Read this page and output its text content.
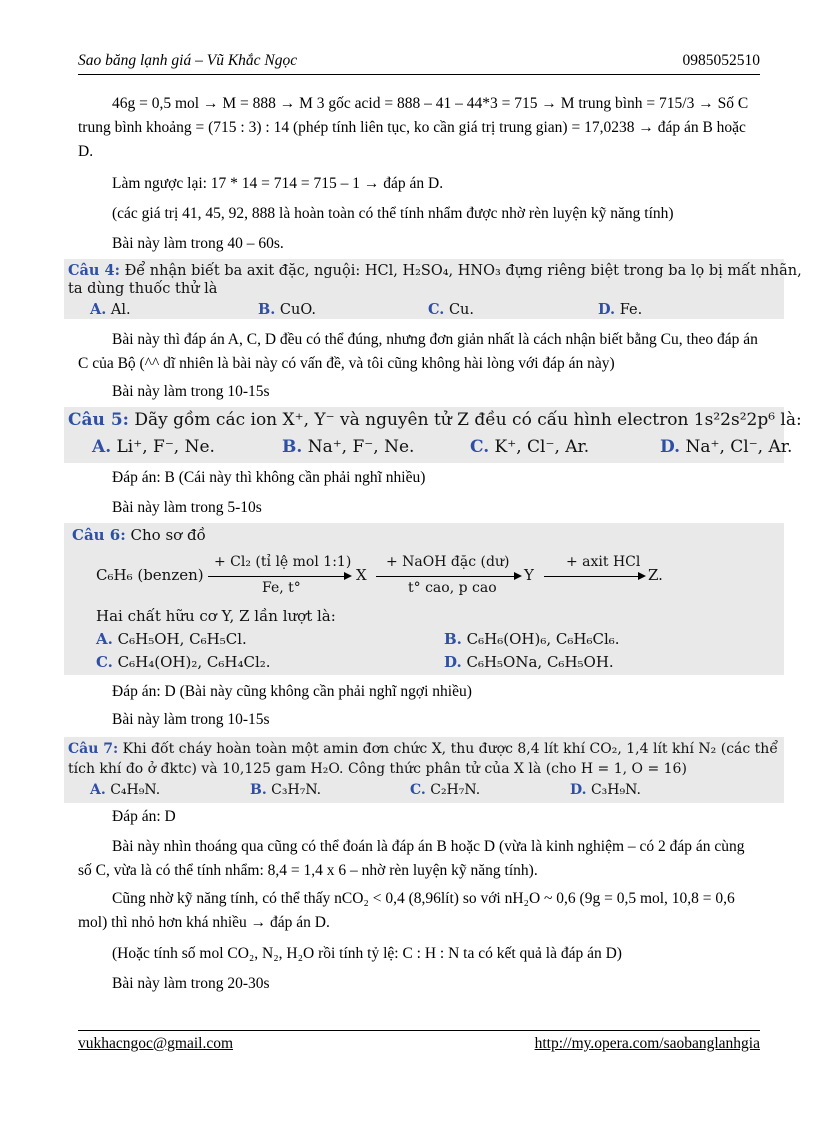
Sao băng lạnh giá – Vũ Khắc Ngọc	0985052510
46g = 0,5 mol → M = 888 → M 3 gốc acid = 888 – 41 – 44*3 = 715 → M trung bình = 715/3 → Số C trung bình khoảng = (715 : 3) : 14 (phép tính liên tục, ko cần giá trị trung gian) = 17,0238 → đáp án B hoặc D.
Làm ngược lại: 17 * 14 = 714 = 715 – 1 → đáp án D.
(các giá trị 41, 45, 92, 888 là hoàn toàn có thể tính nhẩm được nhờ rèn luyện kỹ năng tính)
Bài này làm trong 40 – 60s.
Câu 4: Để nhận biết ba axit đặc, nguội: HCl, H₂SO₄, HNO₃ đựng riêng biệt trong ba lọ bị mất nhãn,
ta dùng thuốc thử là
A. Al.	B. CuO.	C. Cu.	D. Fe.
Bài này thì đáp án A, C, D đều có thể đúng, nhưng đơn giản nhất là cách nhận biết bằng Cu, theo đáp án C của Bộ (^^ dĩ nhiên là bài này có vấn đề, và tôi cũng không hài lòng với đáp án này)
Bài này làm trong 10-15s
Câu 5: Dãy gồm các ion X⁺, Y⁻ và nguyên tử Z đều có cấu hình electron 1s²2s²2p⁶ là:
A. Li⁺, F⁻, Ne.	B. Na⁺, F⁻, Ne.	C. K⁺, Cl⁻, Ar.	D. Na⁺, Cl⁻, Ar.
Đáp án: B (Cái này thì không cần phải nghĩ nhiều)
Bài này làm trong 5-10s
Câu 6: Cho sơ đồ
C₆H₆ (benzen)
+ Cl₂ (tỉ lệ mol 1:1)
Fe, t°
X
+ NaOH đặc (dư)
t° cao, p cao
Y
+ axit HCl
Z.
Hai chất hữu cơ Y, Z lần lượt là:
A. C₆H₅OH, C₆H₅Cl.	B. C₆H₆(OH)₆, C₆H₆Cl₆.
C. C₆H₄(OH)₂, C₆H₄Cl₂.	D. C₆H₅ONa, C₆H₅OH.
Đáp án: D (Bài này cũng không cần phải nghĩ ngợi nhiều)
Bài này làm trong 10-15s
Câu 7: Khi đốt cháy hoàn toàn một amin đơn chức X, thu được 8,4 lít khí CO₂, 1,4 lít khí N₂ (các thể
tích khí đo ở đktc) và 10,125 gam H₂O. Công thức phân tử của X là (cho H = 1, O = 16)
A. C₄H₉N.	B. C₃H₇N.	C. C₂H₇N.	D. C₃H₉N.
Đáp án: D
Bài này nhìn thoáng qua cũng có thể đoán là đáp án B hoặc D (vừa là kinh nghiệm – có 2 đáp án cùng số C, vừa là có thể tính nhẩm: 8,4 = 1,4 x 6 – nhờ rèn luyện kỹ năng tính).
Cũng nhờ kỹ năng tính, có thể thấy nCO₂ < 0,4 (8,96lít) so với nH₂O ~ 0,6 (9g = 0,5 mol, 10,8 = 0,6 mol) thì nhỏ hơn khá nhiều → đáp án D.
(Hoặc tính số mol CO₂, N₂, H₂O rồi tính tỷ lệ: C : H : N ta có kết quả là đáp án D)
Bài này làm trong 20-30s
vukhacngoc@gmail.com	http://my.opera.com/saobanglanhgia
